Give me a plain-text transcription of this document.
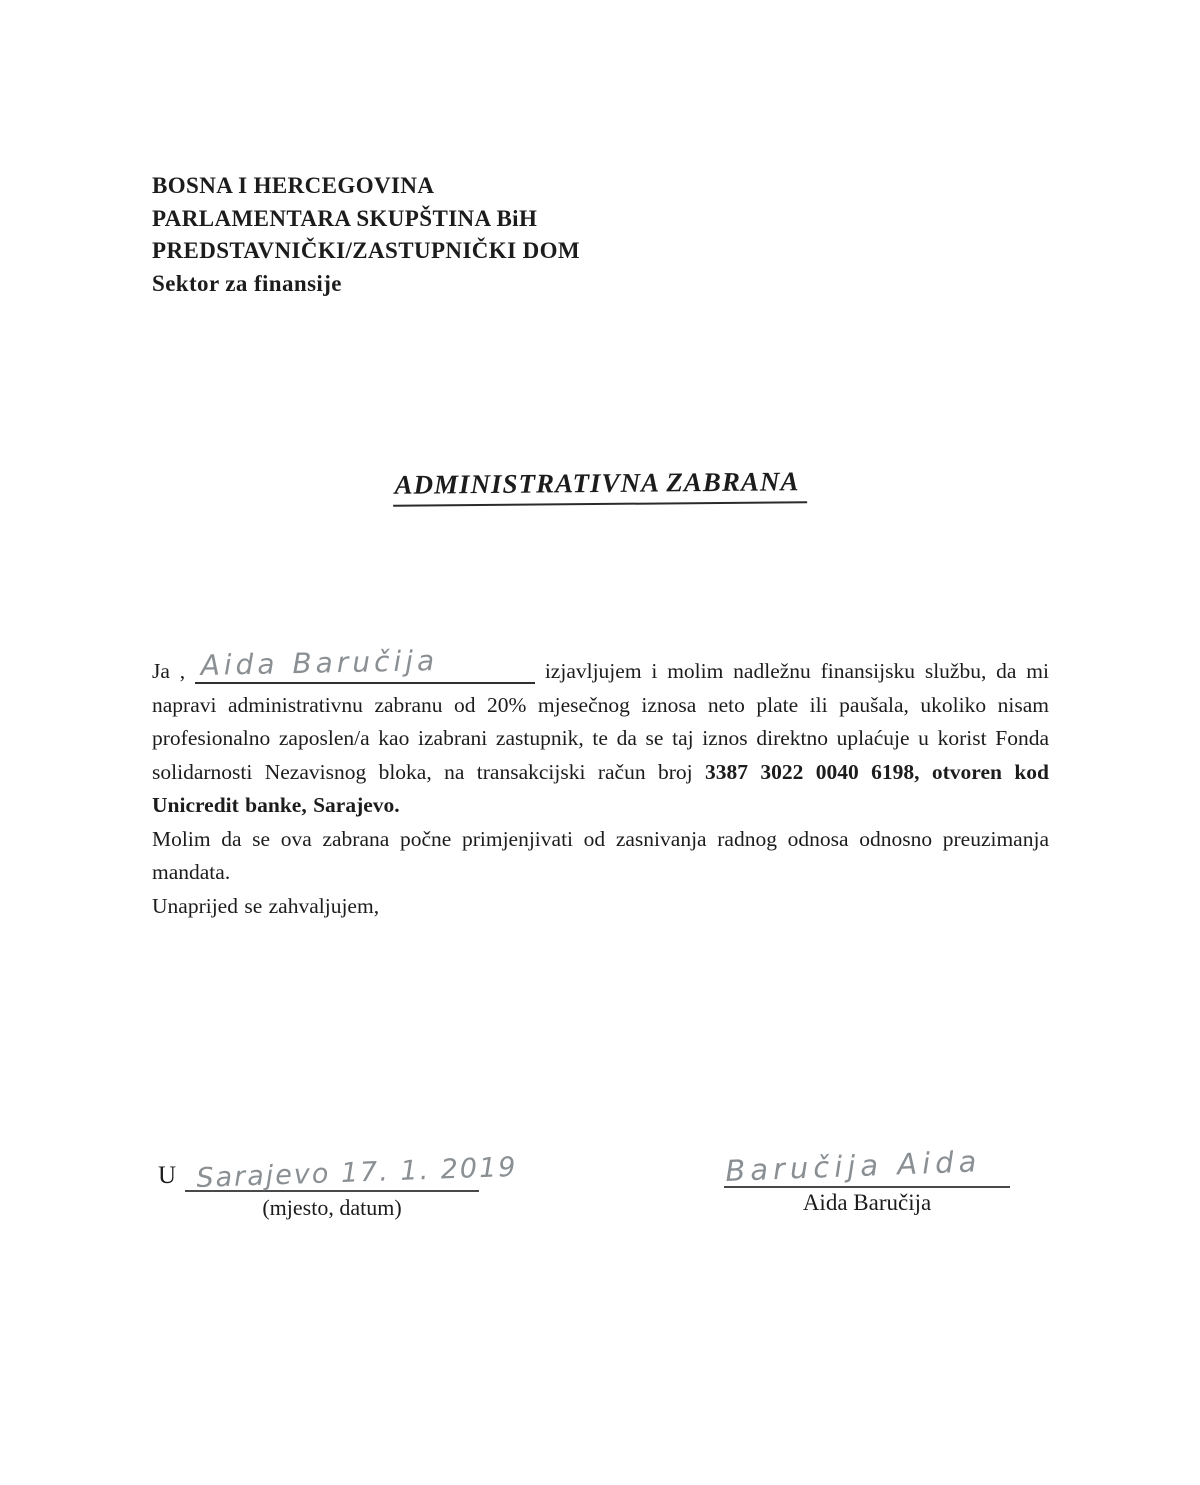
BOSNA I HERCEGOVINA
PARLAMENTARA SKUPŠTINA BiH
PREDSTAVNIČKI/ZASTUPNIČKI DOM
Sektor za finansije
ADMINISTRATIVNA ZABRANA

Ja , Aida Baručija	izjavljujem i molim nadležnu finansijsku službu, da mi napravi administrativnu zabranu od 20% mjesečnog iznosa neto plate ili paušala, ukoliko nisam profesionalno zaposlen/a kao izabrani zastupnik, te da se taj iznos direktno uplaćuje u korist Fonda solidarnosti Nezavisnog bloka, na transakcijski račun broj 3387 3022 0040 6198, otvoren kod Unicredit banke, Sarajevo.

Molim da se ova zabrana počne primjenjivati od zasnivanja radnog odnosa odnosno preuzimanja mandata.

Unaprijed se zahvaljujem,

U Sarajevo 17. 1. 2019
(mjesto, datum)
Baručija Aida
Aida Baručija
